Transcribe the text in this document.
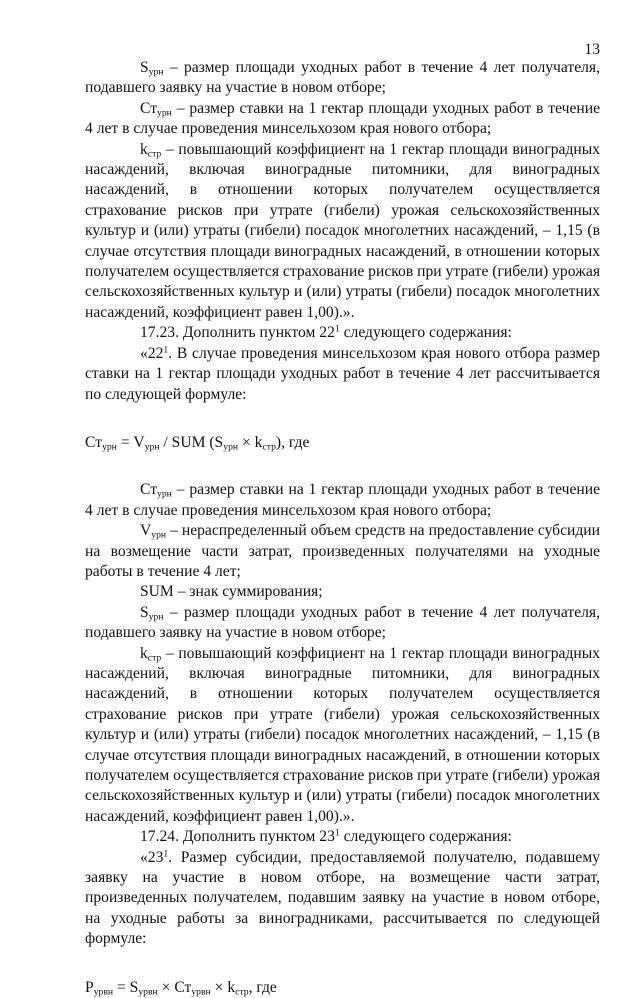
13

$S_{урн}$ – размер площади уходных работ в течение 4 лет получателя, подавшего заявку на участие в новом отборе;

$Ст_{урн}$ – размер ставки на 1 гектар площади уходных работ в течение 4 лет в случае проведения минсельхозом края нового отбора;

$k_{стр}$ – повышающий коэффициент на 1 гектар площади виноградных насаждений, включая виноградные питомники, для виноградных насаждений, в отношении которых получателем осуществляется страхование рисков при утрате (гибели) урожая сельскохозяйственных культур и (или) утраты (гибели) посадок многолетних насаждений, – 1,15 (в случае отсутствия площади виноградных насаждений, в отношении которых получателем осуществляется страхование рисков при утрате (гибели) урожая сельскохозяйственных культур и (или) утраты (гибели) посадок многолетних насаждений, коэффициент равен 1,00).».

17.23. Дополнить пунктом $22^1$ следующего содержания:

«$22^1$. В случае проведения минсельхозом края нового отбора размер ставки на 1 гектар площади уходных работ в течение 4 лет рассчитывается по следующей формуле:

$Ст_{урн} = V_{урн}$ / SUM $(S_{урн} \times k_{стр})$, где

$Ст_{урн}$ – размер ставки на 1 гектар площади уходных работ в течение 4 лет в случае проведения минсельхозом края нового отбора;

$V_{урн}$ – нераспределенный объем средств на предоставление субсидии на возмещение части затрат, произведенных получателями на уходные работы в течение 4 лет;

SUM – знак суммирования;

$S_{урн}$ – размер площади уходных работ в течение 4 лет получателя, подавшего заявку на участие в новом отборе;

$k_{стр}$ – повышающий коэффициент на 1 гектар площади виноградных насаждений, включая виноградные питомники, для виноградных насаждений, в отношении которых получателем осуществляется страхование рисков при утрате (гибели) урожая сельскохозяйственных культур и (или) утраты (гибели) посадок многолетних насаждений, – 1,15 (в случае отсутствия площади виноградных насаждений, в отношении которых получателем осуществляется страхование рисков при утрате (гибели) урожая сельскохозяйственных культур и (или) утраты (гибели) посадок многолетних насаждений, коэффициент равен 1,00).».

17.24. Дополнить пунктом $23^1$ следующего содержания:

«$23^1$. Размер субсидии, предоставляемой получателю, подавшему заявку на участие в новом отборе, на возмещение части затрат, произведенных получателем, подавшим заявку на участие в новом отборе, на уходные работы за виноградниками, рассчитывается по следующей формуле:

$Р_{урвн} = S_{урвн} \times Ст_{урвн} \times k_{стр}$, где
